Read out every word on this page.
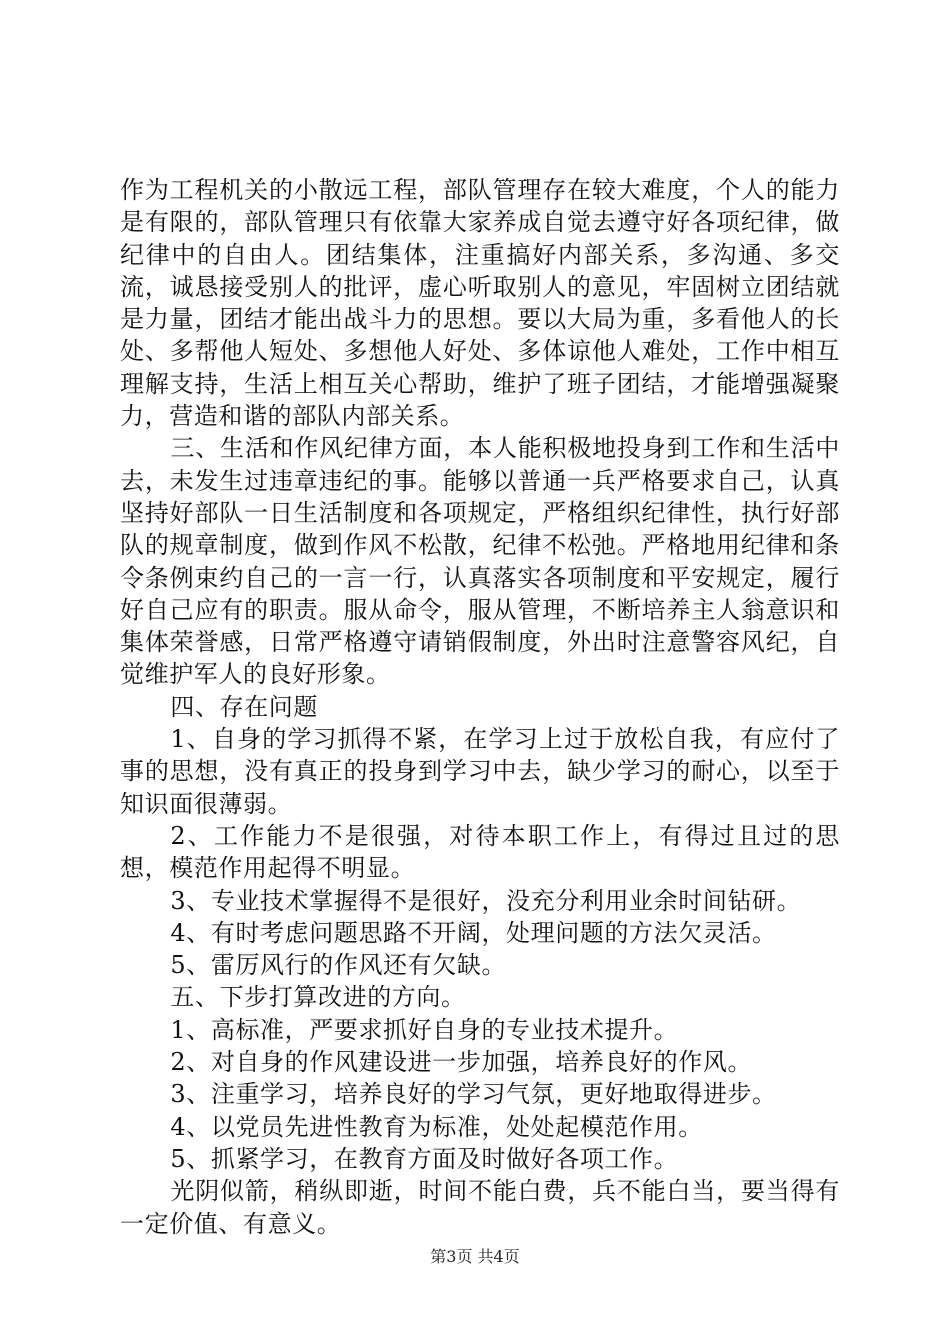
作为工程机关的小散远工程，部队管理存在较大难度，个人的能力是有限的，部队管理只有依靠大家养成自觉去遵守好各项纪律，做纪律中的自由人。团结集体，注重搞好内部关系，多沟通、多交流，诚恳接受别人的批评，虚心听取别人的意见，牢固树立团结就是力量，团结才能出战斗力的思想。要以大局为重，多看他人的长处、多帮他人短处、多想他人好处、多体谅他人难处，工作中相互理解支持，生活上相互关心帮助，维护了班子团结，才能增强凝聚力，营造和谐的部队内部关系。

三、生活和作风纪律方面，本人能积极地投身到工作和生活中去，未发生过违章违纪的事。能够以普通一兵严格要求自己，认真坚持好部队一日生活制度和各项规定，严格组织纪律性，执行好部队的规章制度，做到作风不松散，纪律不松弛。严格地用纪律和条令条例束约自己的一言一行，认真落实各项制度和平安规定，履行好自己应有的职责。服从命令，服从管理，不断培养主人翁意识和集体荣誉感，日常严格遵守请销假制度，外出时注意警容风纪，自觉维护军人的良好形象。

四、存在问题

1、自身的学习抓得不紧，在学习上过于放松自我，有应付了事的思想，没有真正的投身到学习中去，缺少学习的耐心，以至于知识面很薄弱。

2、工作能力不是很强，对待本职工作上，有得过且过的思想，模范作用起得不明显。

3、专业技术掌握得不是很好，没充分利用业余时间钻研。

4、有时考虑问题思路不开阔，处理问题的方法欠灵活。

5、雷厉风行的作风还有欠缺。

五、下步打算改进的方向。

1、高标准，严要求抓好自身的专业技术提升。

2、对自身的作风建设进一步加强，培养良好的作风。

3、注重学习，培养良好的学习气氛，更好地取得进步。

4、以党员先进性教育为标准，处处起模范作用。

5、抓紧学习，在教育方面及时做好各项工作。

光阴似箭，稍纵即逝，时间不能白费，兵不能白当，要当得有一定价值、有意义。

第3页 共4页
